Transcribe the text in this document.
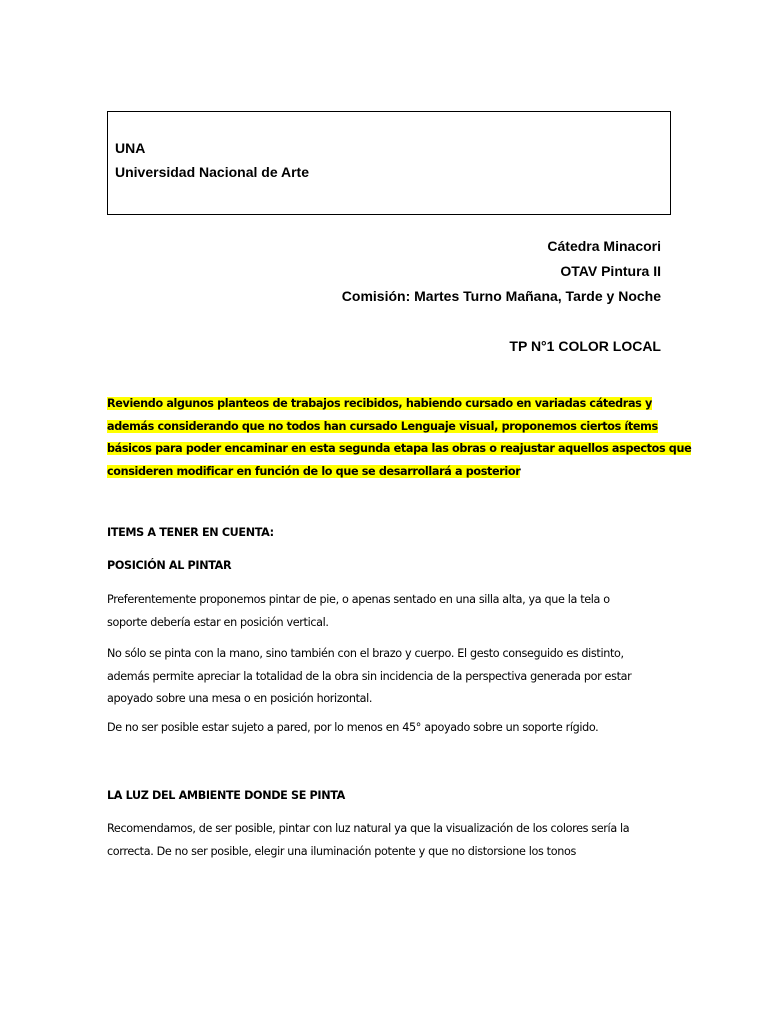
UNA
Universidad Nacional de Arte
Cátedra Minacori
OTAV Pintura II
Comisión: Martes Turno Mañana, Tarde y Noche
TP N°1 COLOR LOCAL
Reviendo algunos planteos de trabajos recibidos, habiendo cursado en variadas cátedras y
además considerando que no todos han cursado Lenguaje visual, proponemos ciertos ítems
básicos para poder encaminar en esta segunda etapa las obras o reajustar aquellos aspectos que
consideren modificar en función de lo que se desarrollará a posterior
ITEMS A TENER EN CUENTA:
POSICIÓN AL PINTAR
Preferentemente proponemos pintar de pie, o apenas sentado en una silla alta, ya que la tela o
soporte debería estar en posición vertical.
No sólo se pinta con la mano, sino también con el brazo y cuerpo. El gesto conseguido es distinto,
además permite apreciar la totalidad de la obra sin incidencia de la perspectiva generada por estar
apoyado sobre una mesa o en posición horizontal.
De no ser posible estar sujeto a pared, por lo menos en 45° apoyado sobre un soporte rígido.
LA LUZ DEL AMBIENTE DONDE SE PINTA
Recomendamos, de ser posible, pintar con luz natural ya que la visualización de los colores sería la
correcta. De no ser posible, elegir una iluminación potente y que no distorsione los tonos
